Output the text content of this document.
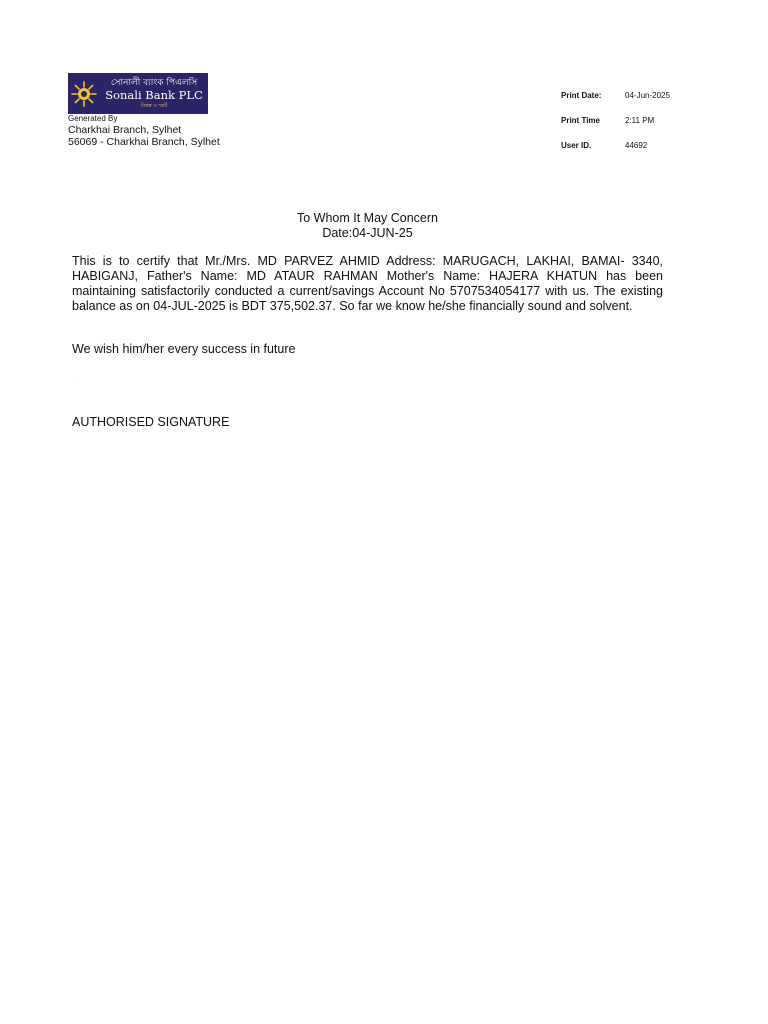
সোনালী ব্যাংক পিএলসি
Sonali Bank PLC
বিশ্বস্ত ও স্মার্ট
Generated By
Charkhai Branch, Sylhet
56069 - Charkhai Branch, Sylhet
Print Date:	04-Jun-2025
Print Time	2:11 PM
User ID.	44692
To Whom It May Concern
Date:04-JUN-25

This is to certify that Mr./Mrs. MD PARVEZ AHMID Address: MARUGACH, LAKHAI, BAMAI- 3340, HABIGANJ, Father's Name: MD ATAUR RAHMAN Mother's Name: HAJERA KHATUN has been maintaining satisfactorily conducted a current/savings Account No 5707534054177 with us. The existing balance as on 04-JUL-2025 is BDT 375,502.37. So far we know he/she financially sound and solvent.

We wish him/her every success in future
.
AUTHORISED SIGNATURE
